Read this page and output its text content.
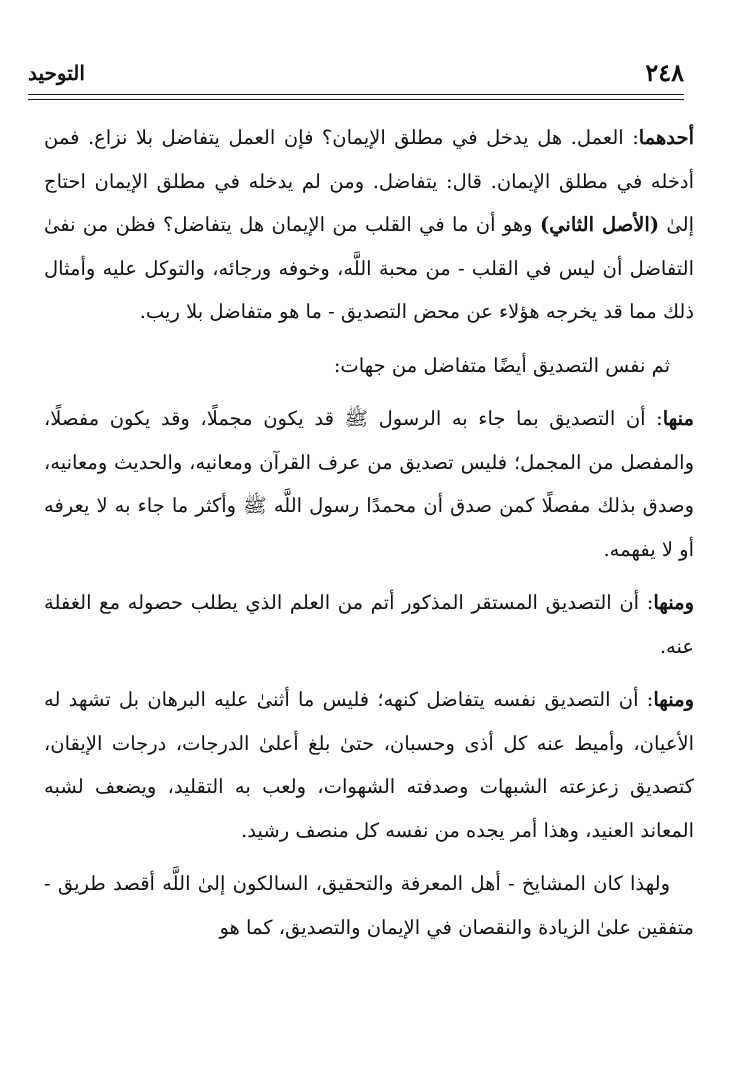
٢٤٨
التوحيد

أحدهما: العمل. هل يدخل في مطلق الإيمان؟ فإن العمل يتفاضل بلا نزاع. فمن أدخله في مطلق الإيمان. قال: يتفاضل. ومن لم يدخله في مطلق الإيمان احتاج إلىٰ (الأصل الثاني) وهو أن ما في القلب من الإيمان هل يتفاضل؟ فظن من نفىٰ التفاضل أن ليس في القلب - من محبة اللَّه، وخوفه ورجائه، والتوكل عليه وأمثال ذلك مما قد يخرجه هؤلاء عن محض التصديق - ما هو متفاضل بلا ريب.

ثم نفس التصديق أيضًا متفاضل من جهات:

منها: أن التصديق بما جاء به الرسول ﷺ قد يكون مجملًا، وقد يكون مفصلًا، والمفصل من المجمل؛ فليس تصديق من عرف القرآن ومعانيه، والحديث ومعانيه، وصدق بذلك مفصلًا كمن صدق أن محمدًا رسول اللَّه ﷺ وأكثر ما جاء به لا يعرفه أو لا يفهمه.

ومنها: أن التصديق المستقر المذكور أتم من العلم الذي يطلب حصوله مع الغفلة عنه.

ومنها: أن التصديق نفسه يتفاضل كنهه؛ فليس ما أثنىٰ عليه البرهان بل تشهد له الأعيان، وأميط عنه كل أذى وحسبان، حتىٰ بلغ أعلىٰ الدرجات، درجات الإيقان، كتصديق زعزعته الشبهات وصدفته الشهوات، ولعب به التقليد، ويضعف لشبه المعاند العنيد، وهذا أمر يجده من نفسه كل منصف رشيد.

ولهذا كان المشايخ - أهل المعرفة والتحقيق، السالكون إلىٰ اللَّه أقصد طريق - متفقين علىٰ الزيادة والنقصان في الإيمان والتصديق، كما هو
